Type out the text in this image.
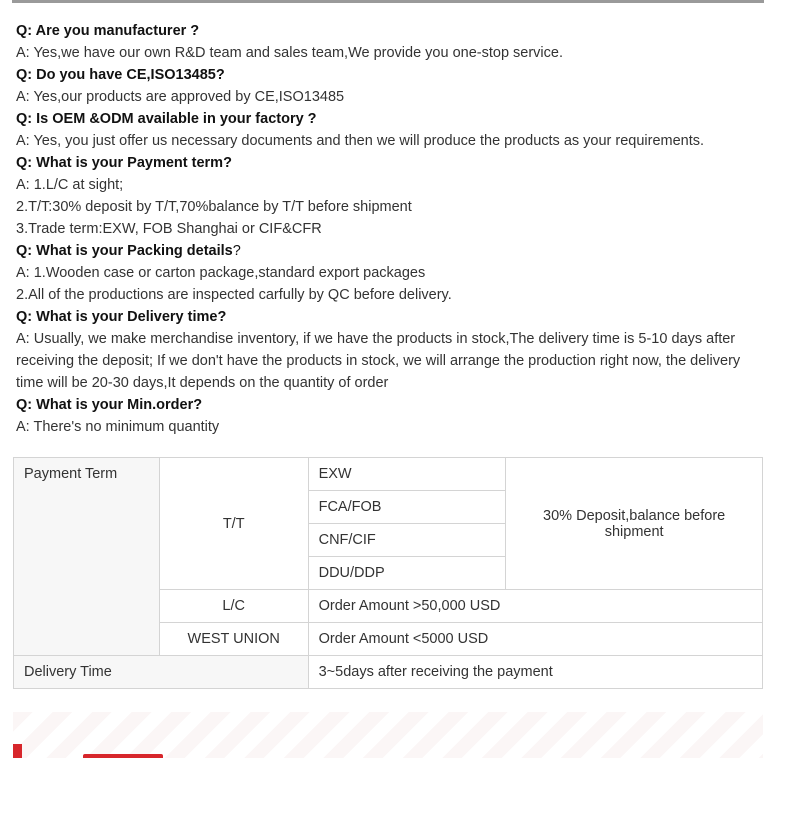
Q: Are you manufacturer ?
A: Yes,we have our own R&D team and sales team,We provide you one-stop service.
Q: Do you have CE,ISO13485?
A: Yes,our products are approved by CE,ISO13485
Q: Is OEM &ODM available in your factory ?
A: Yes, you just offer us necessary documents and then we will produce the products as your requirements.
Q: What is your Payment term?
A: 1.L/C at sight;
2.T/T:30% deposit by T/T,70%balance by T/T before shipment
3.Trade term:EXW, FOB Shanghai or CIF&CFR
Q: What is your Packing details?
A: 1.Wooden case or carton package,standard export packages
2.All of the productions are inspected carfully by QC before delivery.
Q: What is your Delivery time?
A: Usually, we make merchandise inventory, if we have the products in stock,The delivery time is 5-10 days after receiving the deposit; If we don't have the products in stock, we will arrange the production right now, the delivery time will be 20-30 days,It depends on the quantity of order
Q: What is your Min.order?
A: There's no minimum quantity
Payment Term	T/T	EXW	30% Deposit,balance before shipment
		FCA/FOB	
		CNF/CIF	
		DDU/DDP	
	L/C	Order Amount >50,000 USD	
	WEST UNION	Order Amount <5000 USD	
Delivery Time		3~5days after receiving the payment	
